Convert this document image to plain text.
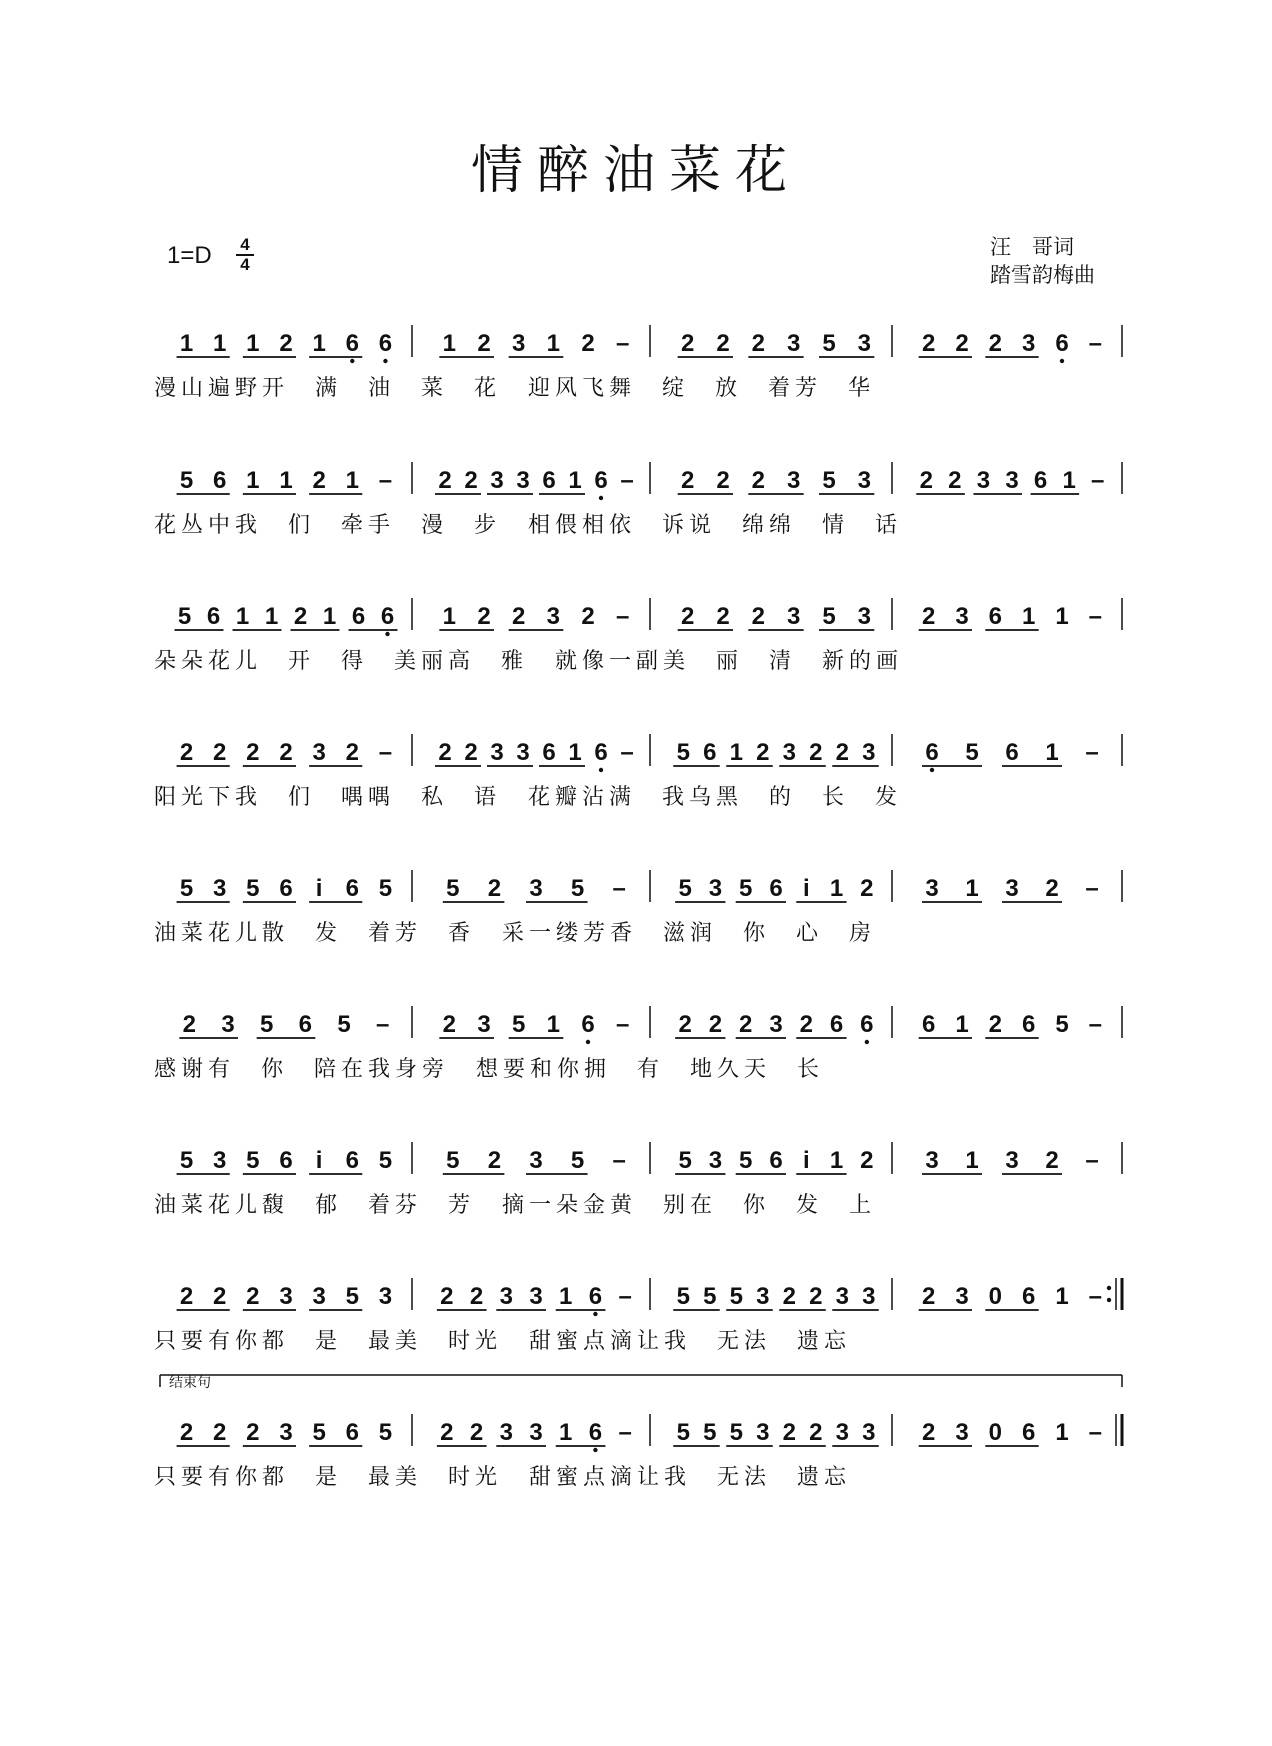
情醉油菜花
1=D 4
4
汪　哥词
踏雪韵梅曲
结束句
1 1 1 2 1 6 6 1 2 3 1 2 – 2 2 2 3 5 3 2 2 2 3 6 –
5 6 1 1 2 1 – 2 2 3 3 6 1 6 – 2 2 2 3 5 3 2 2 3 3 6 1 –
5 6 1 1 2 1 6 6 1 2 2 3 2 – 2 2 2 3 5 3 2 3 6 1 1 –
2 2 2 2 3 2 – 2 2 3 3 6 1 6 – 5 6 1 2 3 2 2 3 6 5 6 1 –
5 3 5 6 i 6 5 5 2 3 5 – 5 3 5 6 i 1 2 3 1 3 2 –
2 3 5 6 5 – 2 3 5 1 6 – 2 2 2 3 2 6 6 6 1 2 6 5 –
5 3 5 6 i 6 5 5 2 3 5 – 5 3 5 6 i 1 2 3 1 3 2 –
2 2 2 3 3 5 3 2 2 3 3 1 6 – 5 5 5 3 2 2 3 3 2 3 0 6 1 –
2 2 2 3 5 6 5 2 2 3 3 1 6 – 5 5 5 3 2 2 3 3 2 3 0 6 1 –
漫山遍野开 满 油 菜 花　迎风飞舞 绽 放 着芳 华
花丛中我 们 牵手 漫 步　相偎相依 诉说 绵绵 情 话
朵朵花儿 开 得 美丽高 雅　就像一副美 丽 清 新的画
阳光下我 们 喁喁 私 语　花瓣沾满 我乌黑 的 长 发
油菜花儿散 发 着芳 香　采一缕芳香 滋润 你 心 房
感谢有 你 陪在我身旁　想要和你拥 有 地久天 长
油菜花儿馥 郁 着芬 芳　摘一朵金黄 别在 你 发 上
只要有你都 是 最美 时光　甜蜜点滴让我 无法 遗忘
只要有你都 是 最美 时光　甜蜜点滴让我 无法 遗忘
